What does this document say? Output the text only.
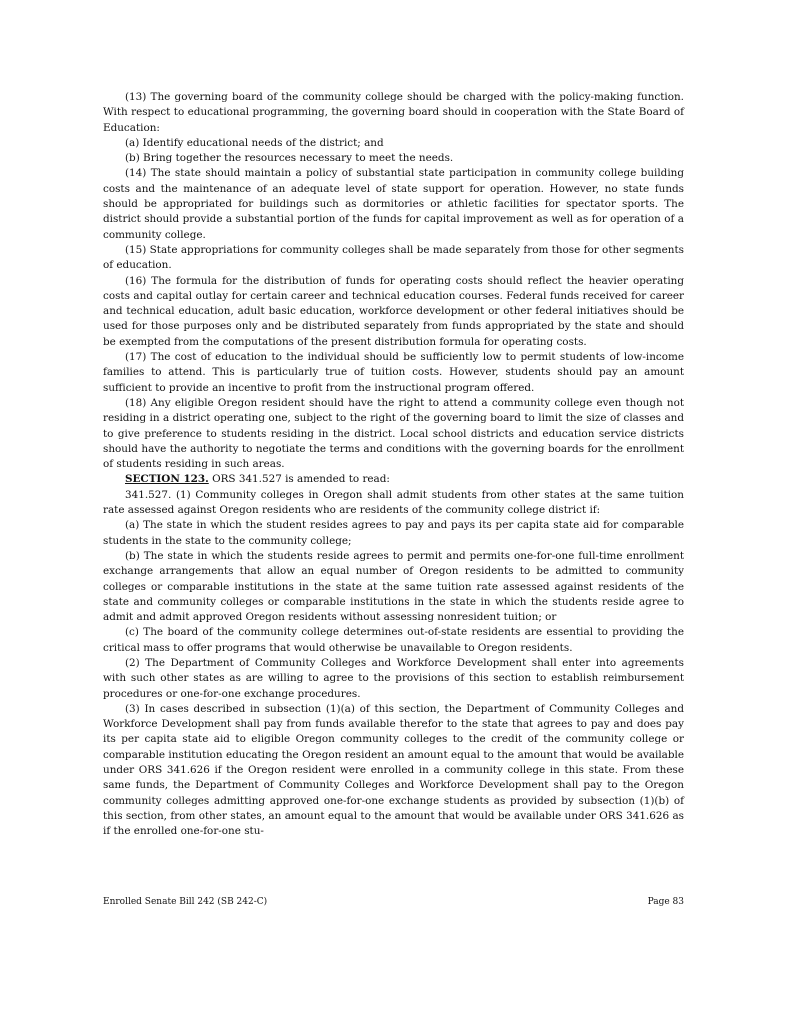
(13) The governing board of the community college should be charged with the policy-making function. With respect to educational programming, the governing board should in cooperation with the State Board of Education:

(a) Identify educational needs of the district; and

(b) Bring together the resources necessary to meet the needs.

(14) The state should maintain a policy of substantial state participation in community college building costs and the maintenance of an adequate level of state support for operation. However, no state funds should be appropriated for buildings such as dormitories or athletic facilities for spectator sports. The district should provide a substantial portion of the funds for capital improvement as well as for operation of a community college.

(15) State appropriations for community colleges shall be made separately from those for other segments of education.

(16) The formula for the distribution of funds for operating costs should reflect the heavier operating costs and capital outlay for certain career and technical education courses. Federal funds received for career and technical education, adult basic education, workforce development or other federal initiatives should be used for those purposes only and be distributed separately from funds appropriated by the state and should be exempted from the computations of the present distribution formula for operating costs.

(17) The cost of education to the individual should be sufficiently low to permit students of low-income families to attend. This is particularly true of tuition costs. However, students should pay an amount sufficient to provide an incentive to profit from the instructional program offered.

(18) Any eligible Oregon resident should have the right to attend a community college even though not residing in a district operating one, subject to the right of the governing board to limit the size of classes and to give preference to students residing in the district. Local school districts and education service districts should have the authority to negotiate the terms and conditions with the governing boards for the enrollment of students residing in such areas.

SECTION 123. ORS 341.527 is amended to read:

341.527. (1) Community colleges in Oregon shall admit students from other states at the same tuition rate assessed against Oregon residents who are residents of the community college district if:

(a) The state in which the student resides agrees to pay and pays its per capita state aid for comparable students in the state to the community college;

(b) The state in which the students reside agrees to permit and permits one-for-one full-time enrollment exchange arrangements that allow an equal number of Oregon residents to be admitted to community colleges or comparable institutions in the state at the same tuition rate assessed against residents of the state and community colleges or comparable institutions in the state in which the students reside agree to admit and admit approved Oregon residents without assessing nonresident tuition; or

(c) The board of the community college determines out-of-state residents are essential to providing the critical mass to offer programs that would otherwise be unavailable to Oregon residents.

(2) The Department of Community Colleges and Workforce Development shall enter into agreements with such other states as are willing to agree to the provisions of this section to establish reimbursement procedures or one-for-one exchange procedures.

(3) In cases described in subsection (1)(a) of this section, the Department of Community Colleges and Workforce Development shall pay from funds available therefor to the state that agrees to pay and does pay its per capita state aid to eligible Oregon community colleges to the credit of the community college or comparable institution educating the Oregon resident an amount equal to the amount that would be available under ORS 341.626 if the Oregon resident were enrolled in a community college in this state. From these same funds, the Department of Community Colleges and Workforce Development shall pay to the Oregon community colleges admitting approved one-for-one exchange students as provided by subsection (1)(b) of this section, from other states, an amount equal to the amount that would be available under ORS 341.626 as if the enrolled one-for-one stu-

Enrolled Senate Bill 242 (SB 242-C)	Page 83
